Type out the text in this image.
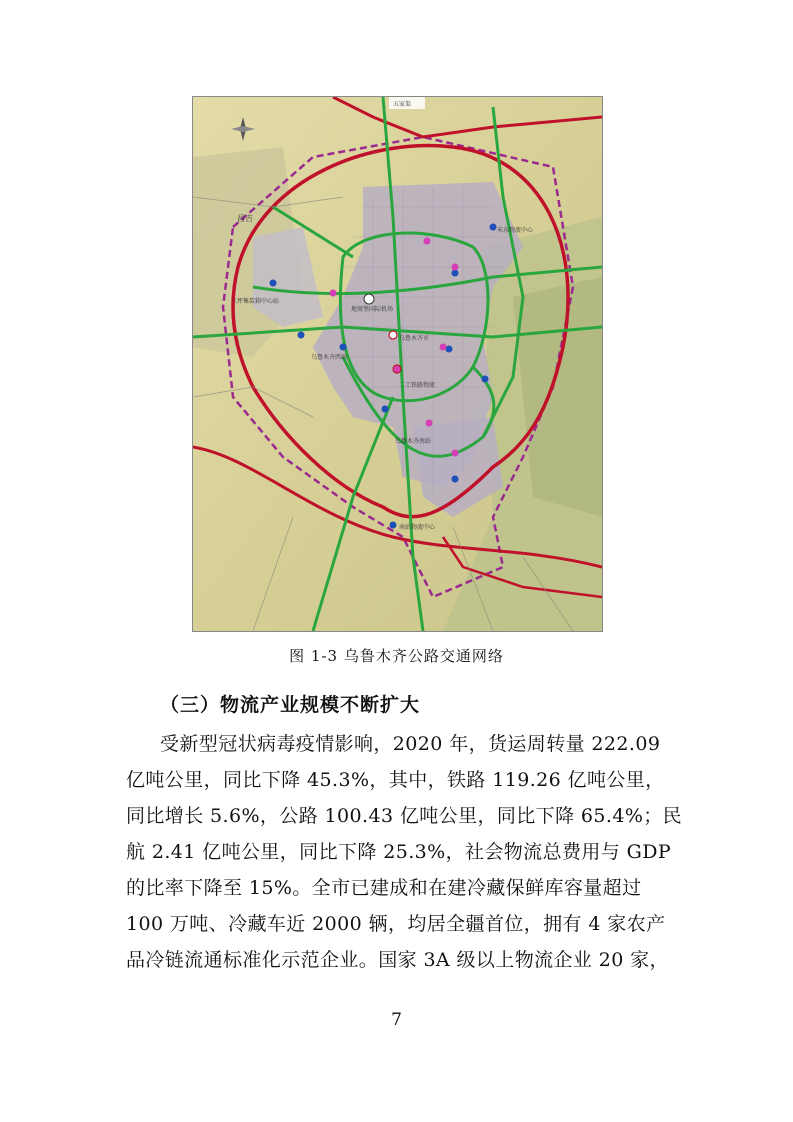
五家渠
昌吉
地窝堡国际机场
乌鲁木齐市
乌鲁木齐西站
乌鲁木齐南站
三坪集装箱中心站
米东物流中心
二工铁路物流
南站物流中心
图 1-3 乌鲁木齐公路交通网络
（三）物流产业规模不断扩大
受新型冠状病毒疫情影响，2020 年，货运周转量 222.09
亿吨公里，同比下降 45.3%，其中，铁路 119.26 亿吨公里，
同比增长 5.6%，公路 100.43 亿吨公里，同比下降 65.4%；民
航 2.41 亿吨公里，同比下降 25.3%，社会物流总费用与 GDP
的比率下降至 15%。全市已建成和在建冷藏保鲜库容量超过
100 万吨、冷藏车近 2000 辆，均居全疆首位，拥有 4 家农产
品冷链流通标准化示范企业。国家 3A 级以上物流企业 20 家，
7
